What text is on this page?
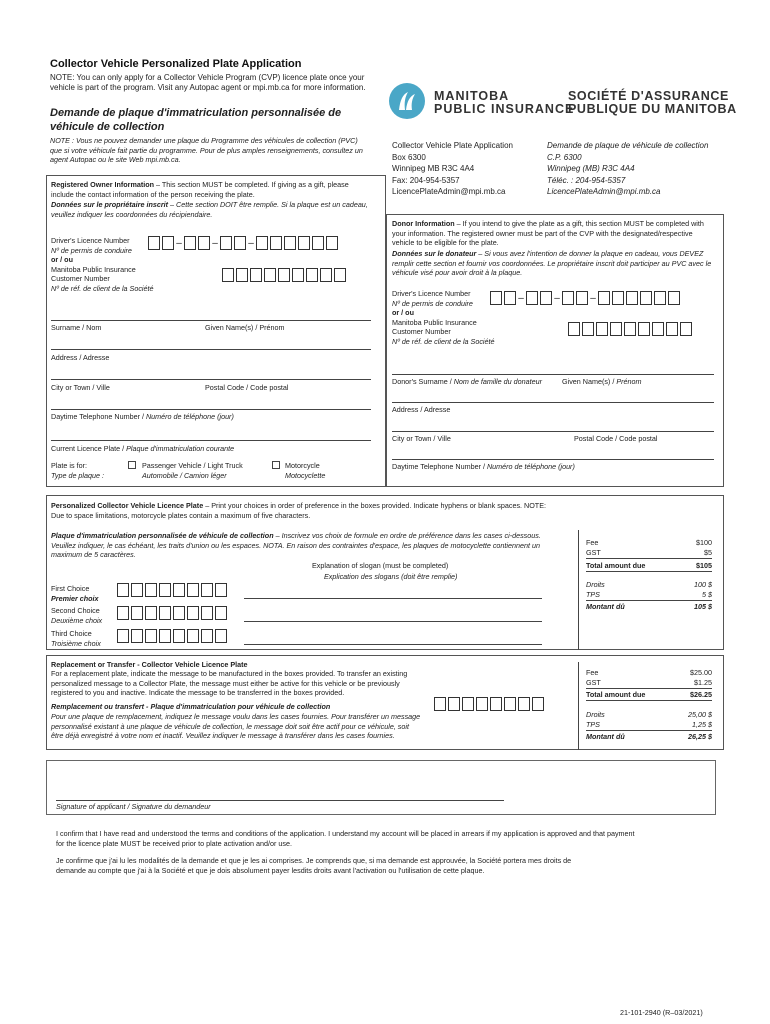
Collector Vehicle Personalized Plate Application
NOTE: You can only apply for a Collector Vehicle Program (CVP) licence plate once your vehicle is part of the program. Visit any Autopac agent or mpi.mb.ca for more information.
Demande de plaque d'immatriculation personnalisée de véhicule de collection
NOTE : Vous ne pouvez demander une plaque du Programme des véhicules de collection (PVC) que si votre véhicule fait partie du programme. Pour de plus amples renseignements, consultez un agent Autopac ou le site Web mpi.mb.ca.
MANITOBA
PUBLIC INSURANCE
SOCIÉTÉ D'ASSURANCE
PUBLIQUE DU MANITOBA
Collector Vehicle Plate Application
Box 6300
Winnipeg MB R3C 4A4
Fax: 204-954-5357
LicencePlateAdmin@mpi.mb.ca
Demande de plaque de véhicule de collection
C.P. 6300
Winnipeg (MB) R3C 4A4
Téléc. : 204-954-5357
LicencePlateAdmin@mpi.mb.ca
Registered Owner Information – This section MUST be completed. If giving as a gift, please include the contact information of the person receiving the plate.
Données sur le propriétaire inscrit – Cette section DOIT être remplie. Si la plaque est un cadeau, veuillez indiquer les coordonnées du récipiendaire.
Driver's Licence Number
Nº de permis de conduire
or / ou
Manitoba Public Insurance
Customer Number
Nº de réf. de client de la Société
–	–	–
Surname / Nom	Given Name(s) / Prénom
Address / Adresse
City or Town / Ville	Postal Code / Code postal
Daytime Telephone Number / Numéro de téléphone (jour)
Current Licence Plate / Plaque d'immatriculation courante
Plate is for:
Type de plaque :
Passenger Vehicle / Light Truck
Automobile / Camion léger
Motorcycle
Motocyclette
Donor Information – If you intend to give the plate as a gift, this section MUST be completed with your information. The registered owner must be part of the CVP with the designated/respective vehicle to be eligible for the plate.
Données sur le donateur – Si vous avez l'intention de donner la plaque en cadeau, vous DEVEZ remplir cette section et fournir vos coordonnées. Le propriétaire inscrit doit participer au PVC avec le véhicule visé pour avoir droit à la plaque.
Driver's Licence Number
Nº de permis de conduire
or / ou
Manitoba Public Insurance
Customer Number
Nº de réf. de client de la Société
–	–	–
Donor's Surname / Nom de famille du donateur	Given Name(s) / Prénom
Address / Adresse
City or Town / Ville	Postal Code / Code postal
Daytime Telephone Number / Numéro de téléphone (jour)
Personalized Collector Vehicle Licence Plate – Print your choices in order of preference in the boxes provided. Indicate hyphens or blank spaces. NOTE: Due to space limitations, motorcycle plates contain a maximum of five characters.
Plaque d'immatriculation personnalisée de véhicule de collection – Inscrivez vos choix de formule en ordre de préférence dans les cases ci-dessous. Veuillez indiquer, le cas échéant, les traits d'union ou les espaces. NOTA. En raison des contraintes d'espace, les plaques de motocyclette contiennent un maximum de 5 caractères.
Explanation of slogan (must be completed)
Explication des slogans (doit être remplie)
First Choice
Premier choix
Second Choice
Deuxième choix
Third Choice
Troisième choix
Fee	$100
GST	$5
Total amount due	$105
Droits	100 $
TPS	5 $
Montant dû	105 $
Replacement or Transfer - Collector Vehicle Licence Plate
For a replacement plate, indicate the message to be manufactured in the boxes provided. To transfer an existing personalized message to a Collector Plate, the message must either be active for this vehicle or be previously registered to you and inactive. Indicate the message to be transferred in the boxes provided.
Remplacement ou transfert - Plaque d'immatriculation pour véhicule de collection
Pour une plaque de remplacement, indiquez le message voulu dans les cases fournies. Pour transférer un message personnalisé existant à une plaque de véhicule de collection, le message doit soit être actif pour ce véhicule, soit être déjà enregistré à votre nom et inactif. Veuillez indiquer le message à transférer dans les cases fournies.
Fee	$25.00
GST	$1.25
Total amount due	$26.25
Droits	25,00 $
TPS	1,25 $
Montant dû	26,25 $
Signature of applicant / Signature du demandeur
I confirm that I have read and understood the terms and conditions of the application. I understand my account will be placed in arrears if my application is approved and that payment for the licence plate MUST be received prior to plate activation and/or use.
Je confirme que j'ai lu les modalités de la demande et que je les ai comprises. Je comprends que, si ma demande est approuvée, la Société portera mes droits de demande au compte que j'ai à la Société et que je dois absolument payer lesdits droits avant l'activation ou l'utilisation de cette plaque.
21-101-2940 (R–03/2021)
